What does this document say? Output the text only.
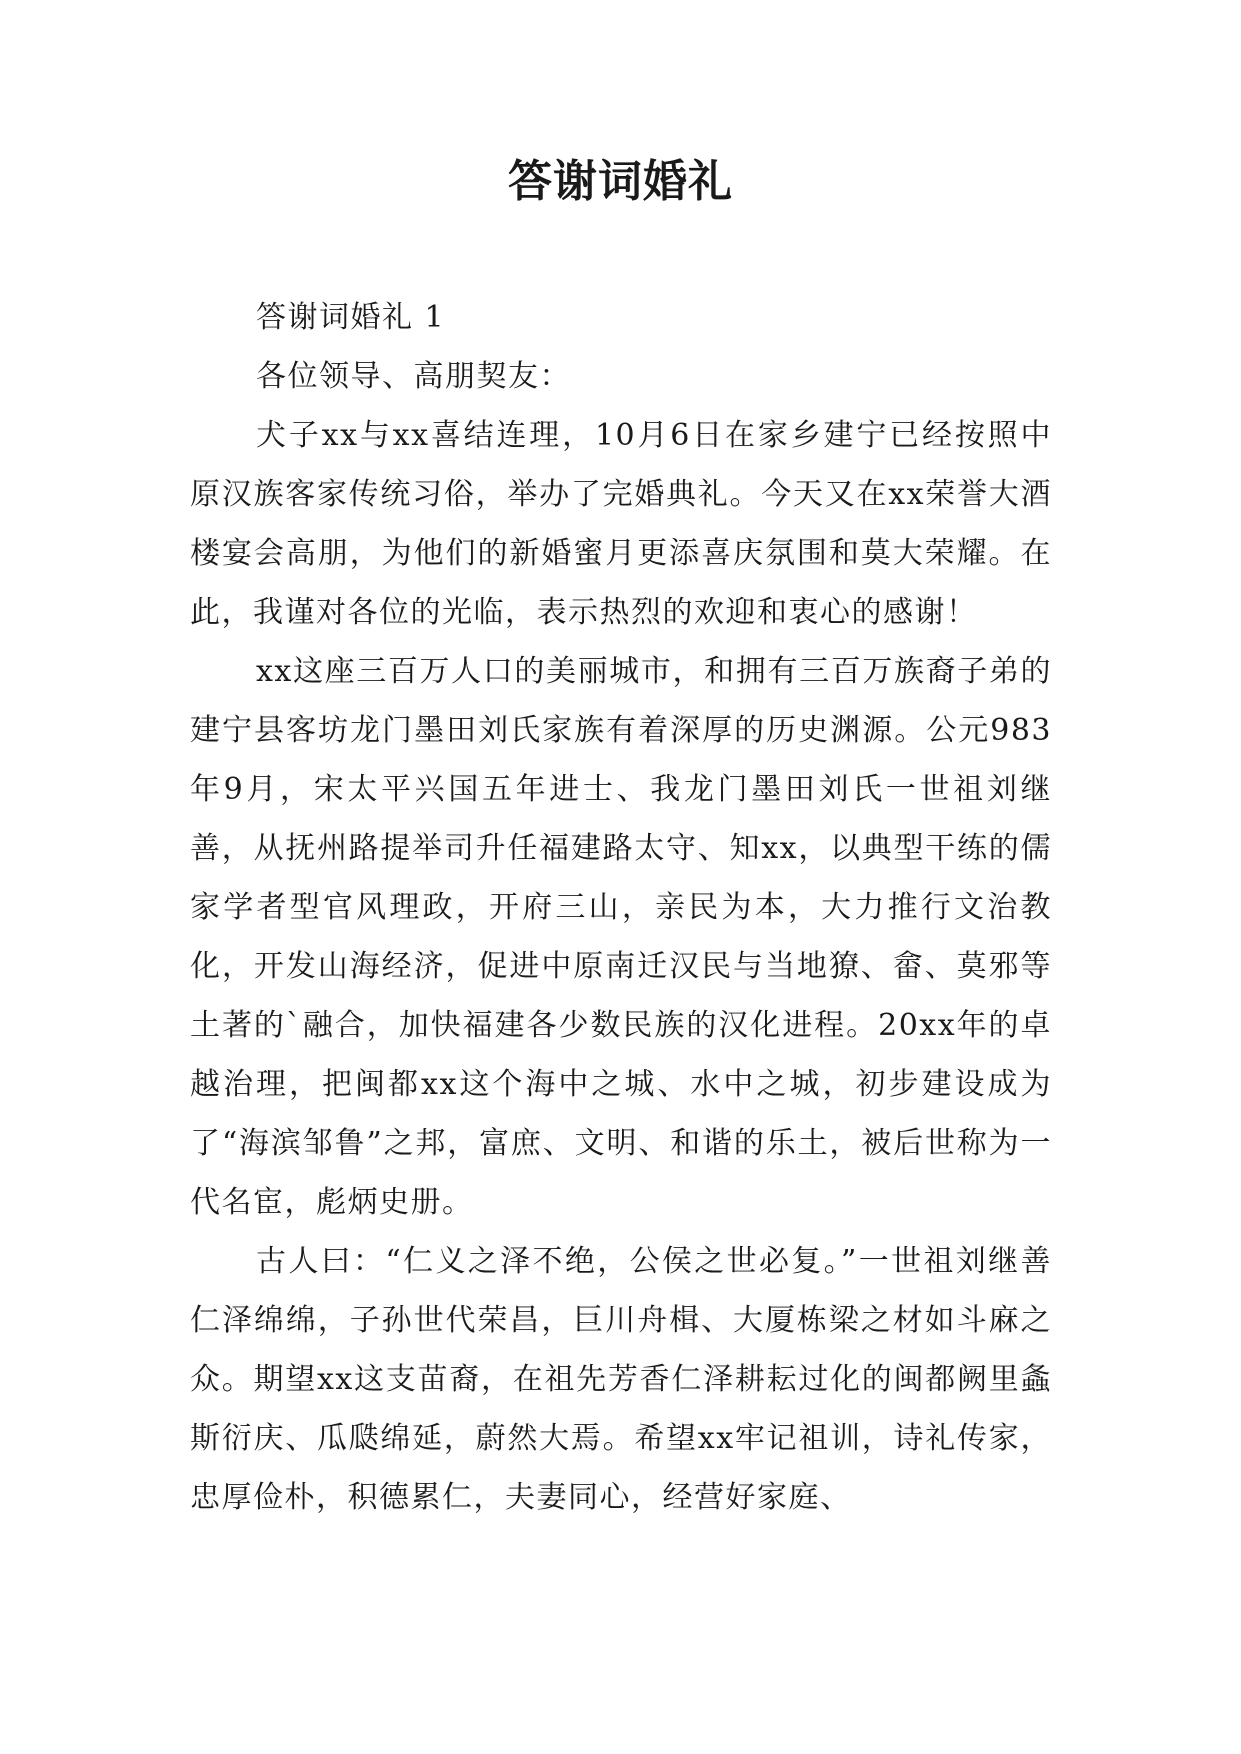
答谢词婚礼

答谢词婚礼 1

各位领导、高朋契友：

犬子xx与xx喜结连理，10月6日在家乡建宁已经按照中原汉族客家传统习俗，举办了完婚典礼。今天又在xx荣誉大酒楼宴会高朋，为他们的新婚蜜月更添喜庆氛围和莫大荣耀。在此，我谨对各位的光临，表示热烈的欢迎和衷心的感谢！

xx这座三百万人口的美丽城市，和拥有三百万族裔子弟的建宁县客坊龙门墨田刘氏家族有着深厚的历史渊源。公元983年9月，宋太平兴国五年进士、我龙门墨田刘氏一世祖刘继善，从抚州路提举司升任福建路太守、知xx，以典型干练的儒家学者型官风理政，开府三山，亲民为本，大力推行文治教化，开发山海经济，促进中原南迁汉民与当地獠、畲、莫邪等土著的`融合，加快福建各少数民族的汉化进程。20xx年的卓越治理，把闽都xx这个海中之城、水中之城，初步建设成为了“海滨邹鲁”之邦，富庶、文明、和谐的乐土，被后世称为一代名宦，彪炳史册。

古人曰：“仁义之泽不绝，公侯之世必复。”一世祖刘继善仁泽绵绵，子孙世代荣昌，巨川舟楫、大厦栋梁之材如斗麻之众。期望xx这支苗裔，在祖先芳香仁泽耕耘过化的闽都阙里螽斯衍庆、瓜瓞绵延，蔚然大焉。希望xx牢记祖训，诗礼传家，忠厚俭朴，积德累仁，夫妻同心，经营好家庭、
